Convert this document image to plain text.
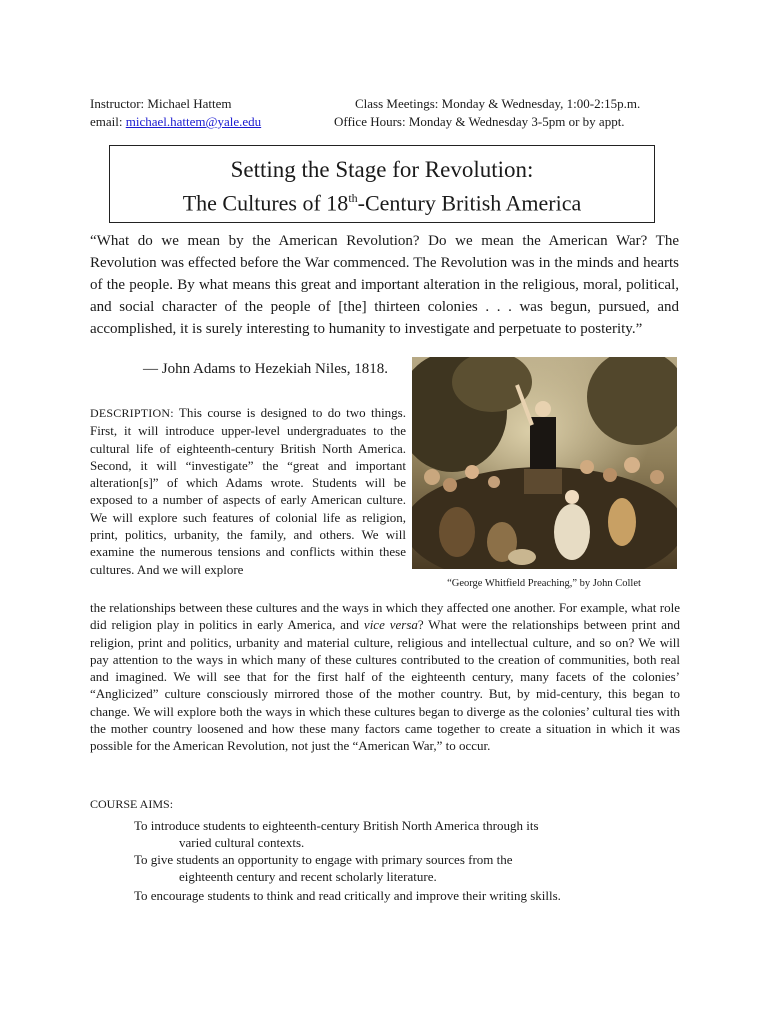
Instructor: Michael Hattem
email: michael.hattem@yale.edu
Class Meetings: Monday & Wednesday, 1:00-2:15p.m.
Office Hours: Monday & Wednesday 3-5pm or by appt.
Setting the Stage for Revolution:
The Cultures of 18th-Century British America
“What do we mean by the American Revolution? Do we mean the American War? The Revolution was effected before the War commenced. The Revolution was in the minds and hearts of the people. By what means this great and important alteration in the religious, moral, political, and social character of the people of [the] thirteen colonies . . . was begun, pursued, and accomplished, it is surely interesting to humanity to investigate and perpetuate to posterity.”
— John Adams to Hezekiah Niles, 1818.
“George Whitfield Preaching,” by John Collet
DESCRIPTION: This course is designed to do two things. First, it will introduce upper-level undergraduates to the cultural life of eighteenth-century British North America. Second, it will “investigate” the “great and important alteration[s]” of which Adams wrote. Students will be exposed to a number of aspects of early American culture. We will explore such features of colonial life as religion, print, politics, urbanity, the family, and others. We will examine the numerous tensions and conflicts within these cultures. And we will explore
the relationships between these cultures and the ways in which they affected one another. For example, what role did religion play in politics in early America, and vice versa? What were the relationships between print and religion, print and politics, urbanity and material culture, religious and intellectual culture, and so on? We will pay attention to the ways in which many of these cultures contributed to the creation of communities, both real and imagined. We will see that for the first half of the eighteenth century, many facets of the colonies’ “Anglicized” culture consciously mirrored those of the mother country. But, by mid-century, this began to change. We will explore both the ways in which these cultures began to diverge as the colonies’ cultural ties with the mother country loosened and how these many factors came together to create a situation in which it was possible for the American Revolution, not just the “American War,” to occur.
COURSE AIMS:
To introduce students to eighteenth-century British North America through its
varied cultural contexts.
To give students an opportunity to engage with primary sources from the
eighteenth century and recent scholarly literature.
To encourage students to think and read critically and improve their writing skills.
